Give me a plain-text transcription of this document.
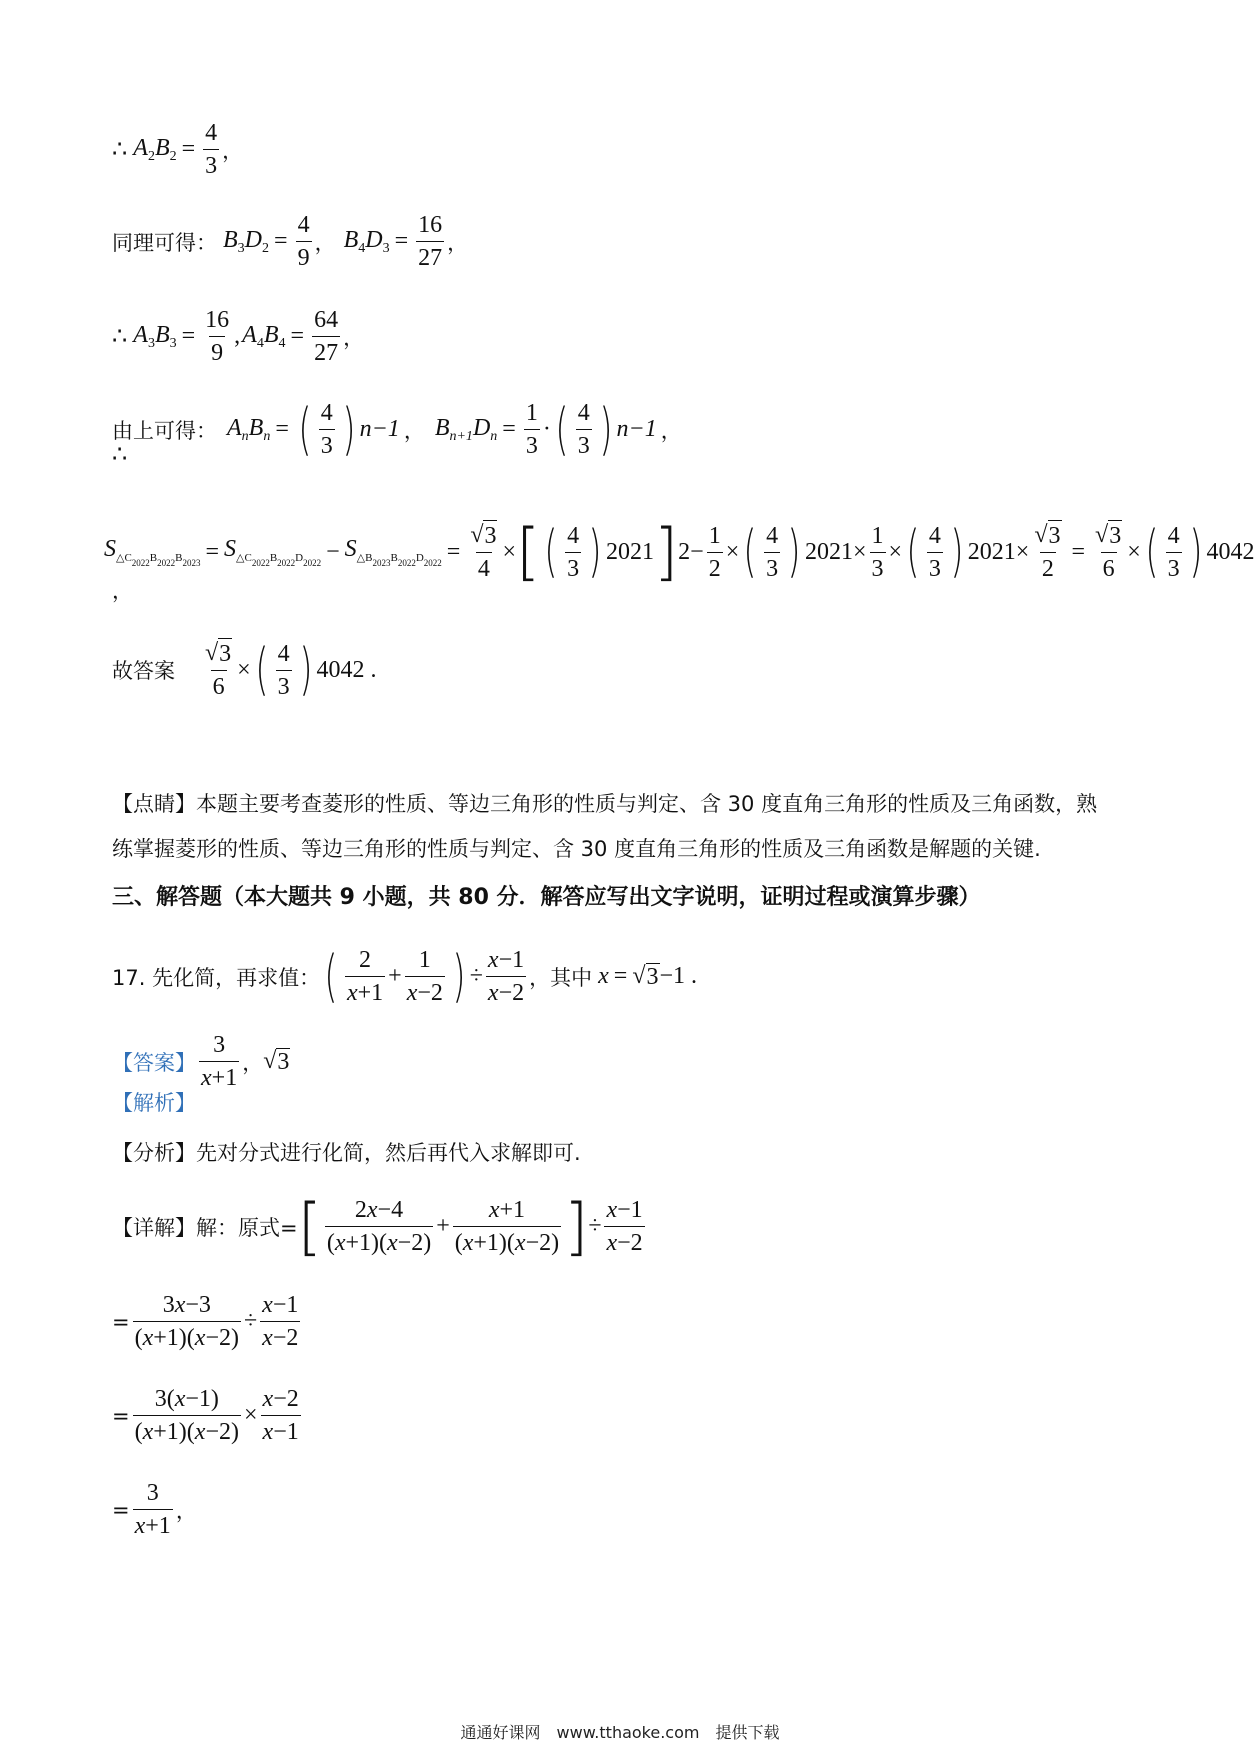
∴ $A_2B_2 = \frac{4}{3}$ ，
同理可得： $B_3D_2 = \frac{4}{9}$ ， $B_4D_3 = \frac{16}{27}$ ，
∴ $A_3B_3 = \frac{16}{9}$ , $A_4B_4 = \frac{64}{27}$ ，
由上可得： $A_nB_n$ = ( $\frac{4}{3}$ ) n−1 ， $B_{n+1}D_n = \frac{1}{3}$ · ( $\frac{4}{3}$ ) n−1 ，
∴
$S_{\triangle C_{2022}B_{2022}B_{2023}} = S_{\triangle C_{2022}B_{2022}D_{2022}} - S_{\triangle B_{2023}B_{2022}D_{2022}} = \frac{√ 3}{4}$ × [ ( $\frac{4}{3}$ ) 2021 ] $2 - \frac{1}{2}$ × ( $\frac{4}{3}$ ) $2021 \times \frac{1}{3}$ × ( $\frac{4}{3}$ ) $2021 \times \frac{√ 3}{2} = \frac{√ 3}{6}$ × ( $\frac{4}{3}$ ) 4042
，
故答案 $\frac{√ 3}{6}$ × ( $\frac{4}{3}$ ) 4042 .
【点睛】本题主要考查菱形的性质、等边三角形的性质与判定、含 30 度直角三角形的性质及三角函数，熟
练掌握菱形的性质、等边三角形的性质与判定、含 30 度直角三角形的性质及三角函数是解题的关键.
三、解答题（本大题共 9 小题，共 80 分．解答应写出文字说明，证明过程或演算步骤）
17. 先化简，再求值： ( $\frac{2}{x+1} + \frac{1}{x-2}$ ) ÷ $\frac{x-1}{x-2}$ ，其中 x = √ 3 −1 .
【答案】 $\frac{3}{x+1}$ ， √ 3
【解析】
【分析】先对分式进行化简，然后再代入求解即可.
【详解】解：原式= [ $\frac{2x-4}{(x+1)(x-2)} + \frac{x+1}{(x+1)(x-2)}$ ] ÷ $\frac{x-1}{x-2}$
= $\frac{3x-3}{(x+1)(x-2)} \div \frac{x-1}{x-2}$
= $\frac{3(x-1)}{(x+1)(x-2)} \times \frac{x-2}{x-1}$
= $\frac{3}{x+1}$ ，
通通好课网　www.tthaoke.com　提供下载
